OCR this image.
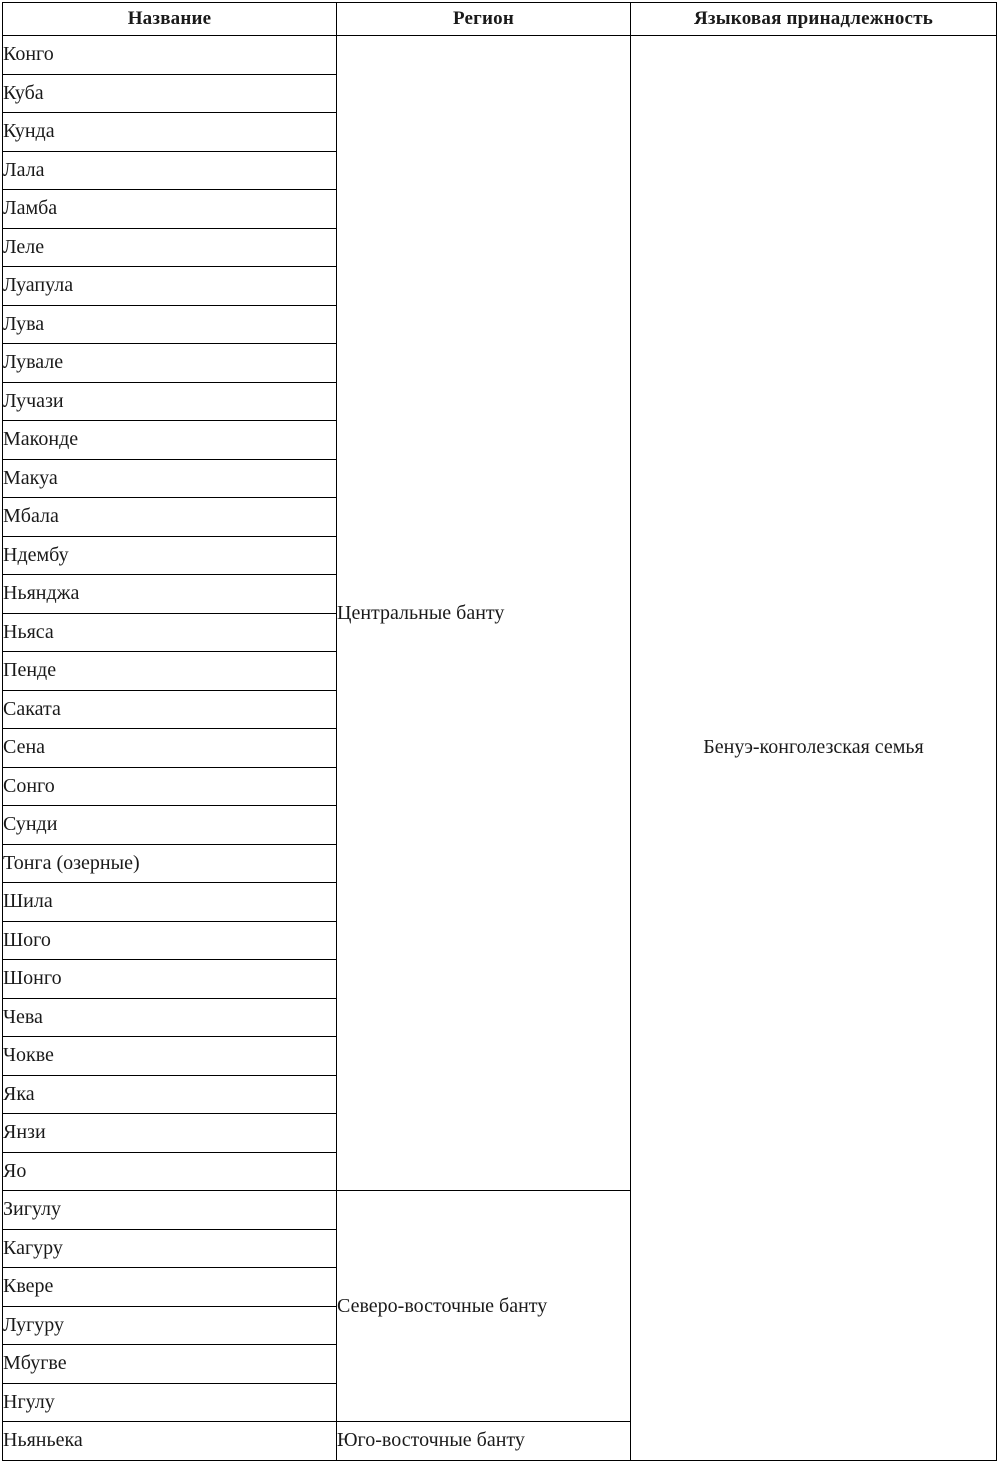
Название	Регион	Языковая принадлежность
Конго	Центральные банту	Бенуэ-конголезская семья

Куба		
Кунда		
Лала		
Ламба		
Леле		
Луапула		
Лува		
Лувале		
Лучази		
Маконде		
Макуа		
Мбала		
Ндембу		
Ньянджа		
Ньяса		
Пенде		
Саката		
Сена		
Сонго		
Сунди		
Тонга (озерные)		
Шила		
Шого		
Шонго		
Чева		
Чокве		
Яка		
Янзи		
Яо		
Зигулу	Северо-восточные банту	

Кагуру		
Квере		
Лугуру		
Мбугве		
Нгулу		
Ньяньека	Юго-восточные банту	
